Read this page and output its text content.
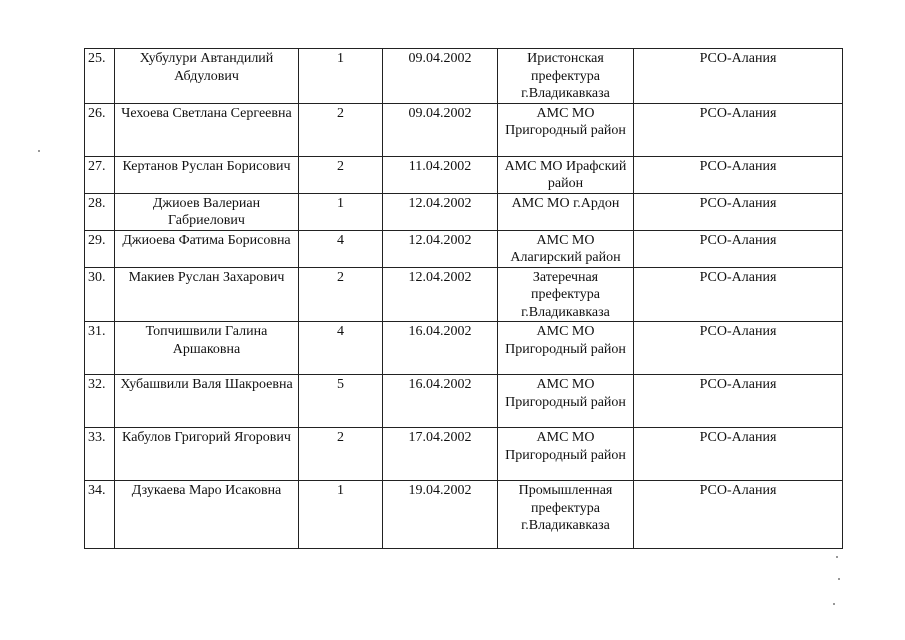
25.	Хубулури Автандилий Абдулович	1	09.04.2002	Иристонская префектура г.Владикавказа	РСО-Алания
26.	Чехоева Светлана Сергеевна	2	09.04.2002	АМС МО Пригородный район	РСО-Алания
27.	Кертанов Руслан Борисович	2	11.04.2002	АМС МО Ирафский район	РСО-Алания
28.	Джиоев Валериан Габриелович	1	12.04.2002	АМС МО г.Ардон	РСО-Алания
29.	Джиоева Фатима Борисовна	4	12.04.2002	АМС МО Алагирский район	РСО-Алания
30.	Макиев Руслан Захарович	2	12.04.2002	Затеречная префектура г.Владикавказа	РСО-Алания
31.	Топчишвили Галина Аршаковна	4	16.04.2002	АМС МО Пригородный район	РСО-Алания
32.	Хубашвили Валя Шакроевна	5	16.04.2002	АМС МО Пригородный район	РСО-Алания
33.	Кабулов Григорий Ягорович	2	17.04.2002	АМС МО Пригородный район	РСО-Алания
34.	Дзукаева Маро Исаковна	1	19.04.2002	Промышленная префектура г.Владикавказа	РСО-Алания
